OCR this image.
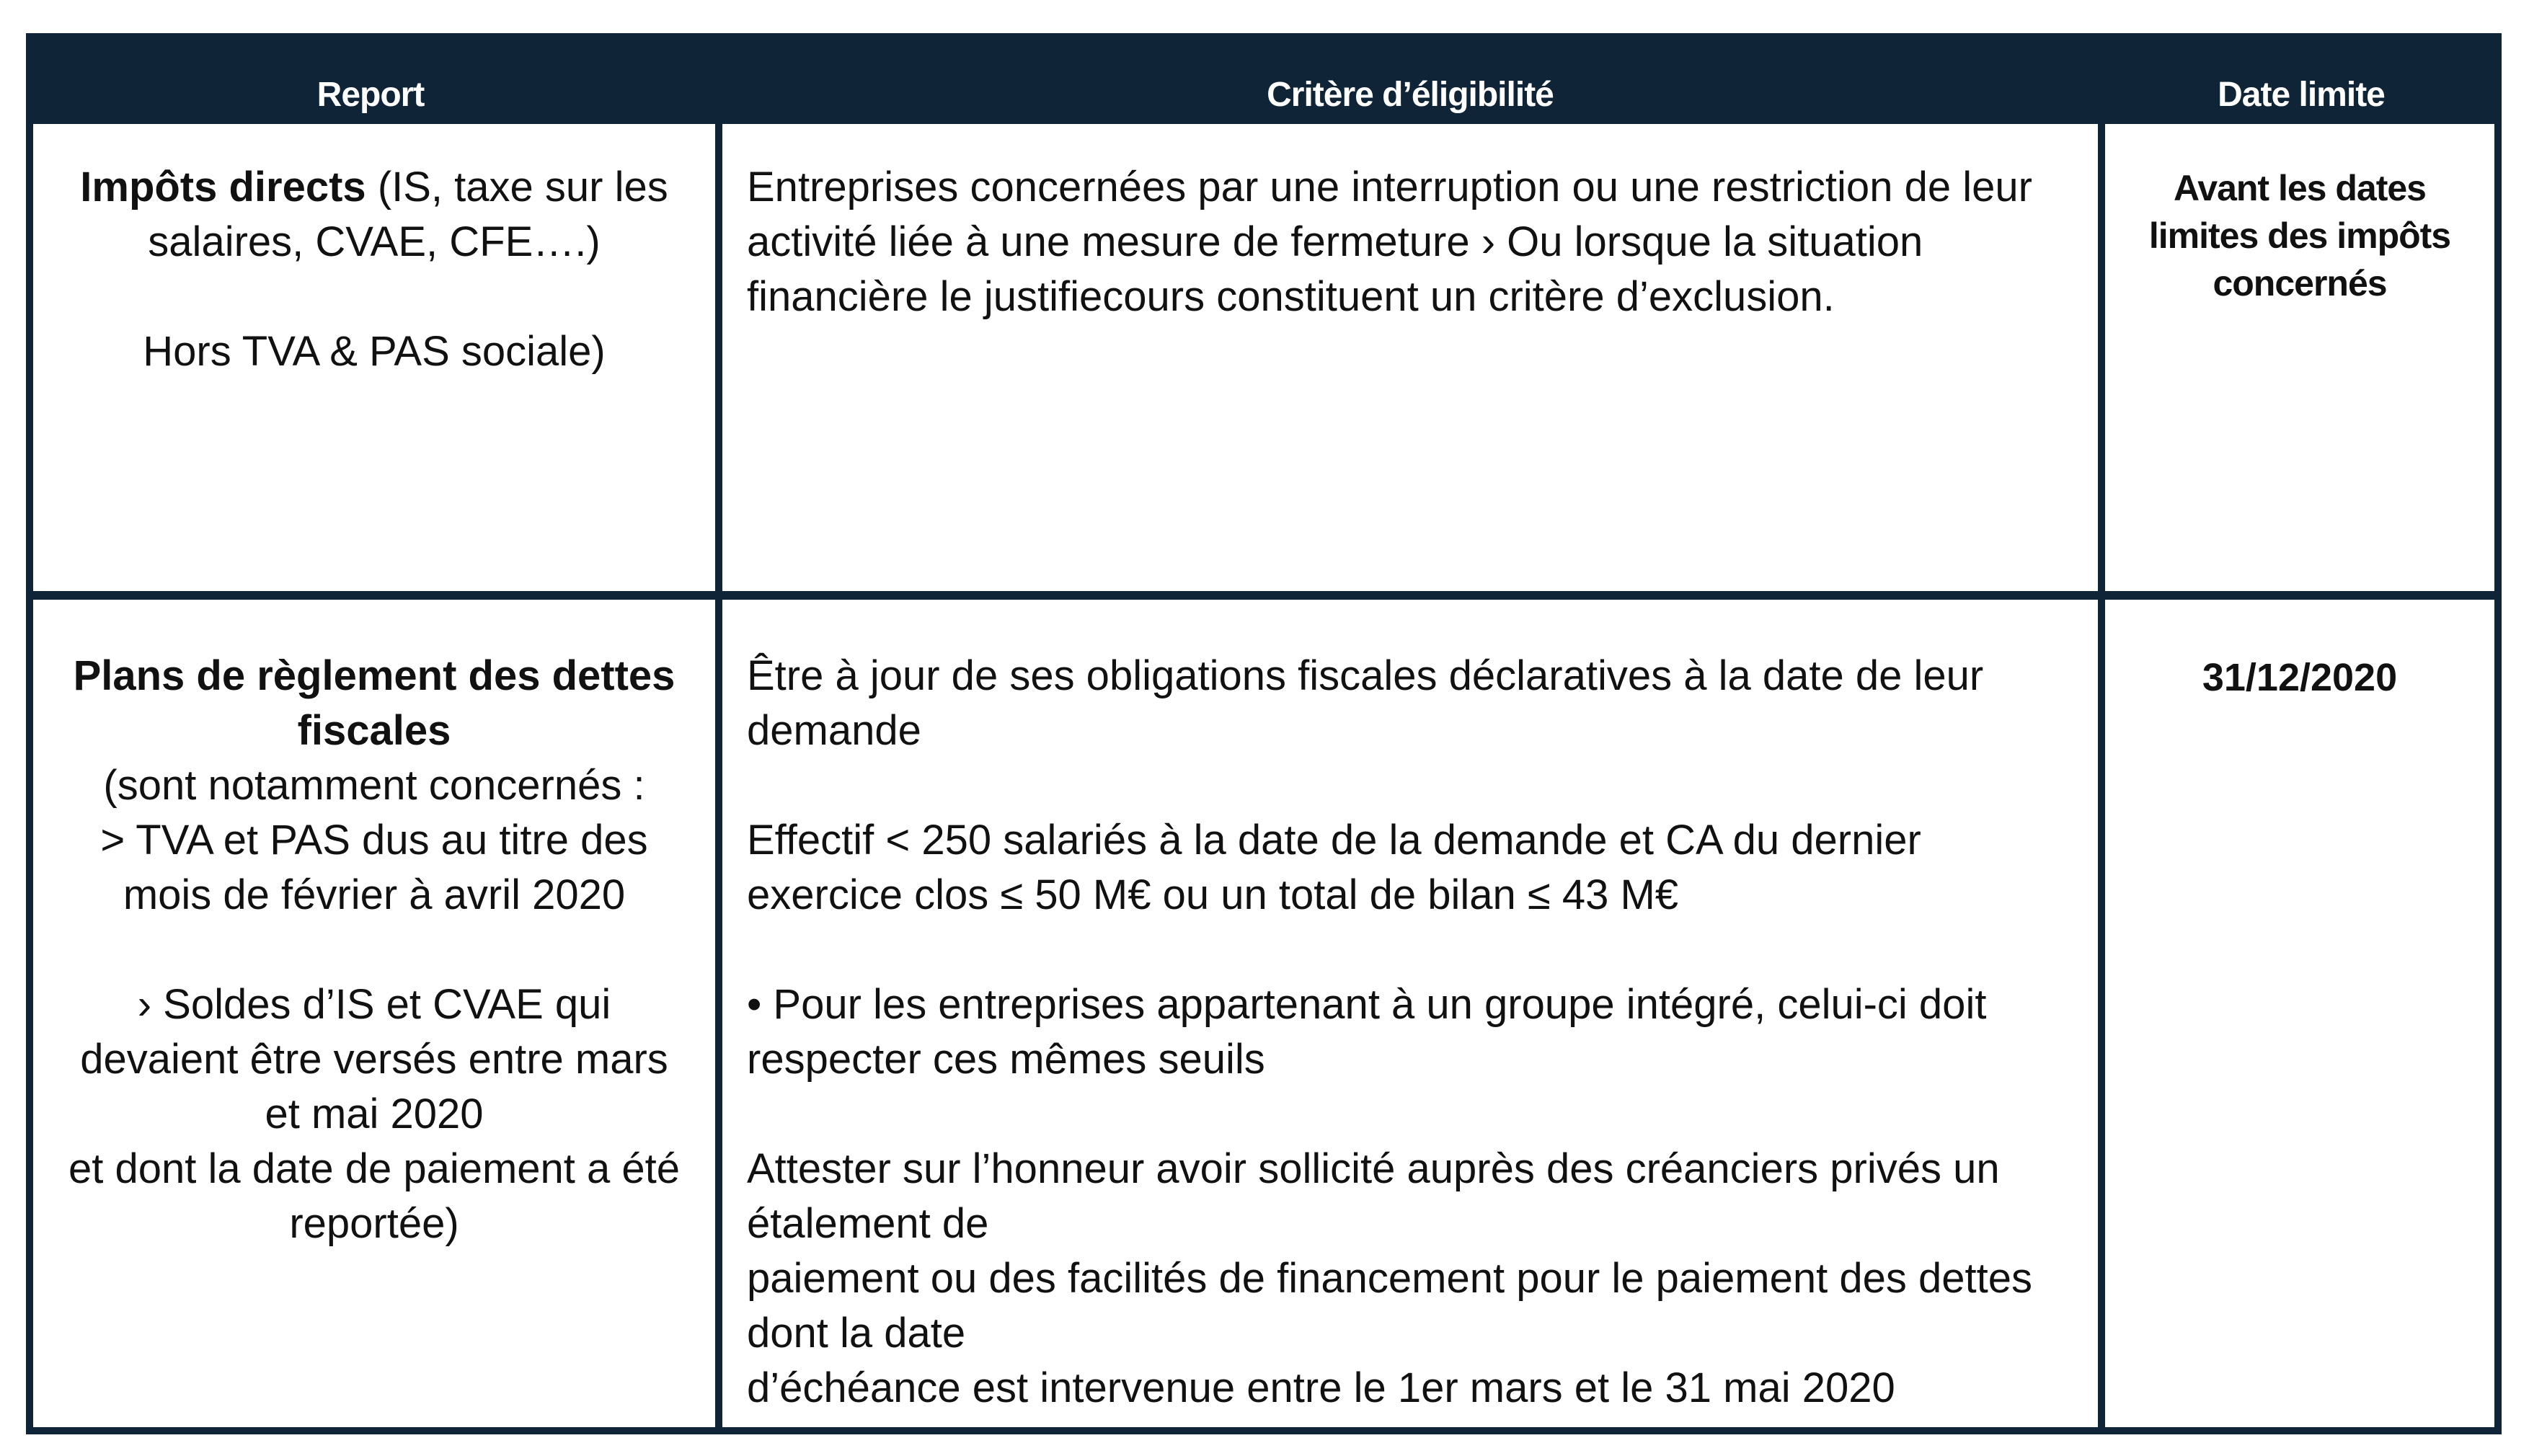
Report	Critère d’éligibilité	Date limite

Impôts directs (IS, taxe sur les salaires, CVAE, CFE….)

Hors TVA & PAS sociale)

Entreprises concernées par une interruption ou une restriction de leur activité liée à une mesure de fermeture › Ou lorsque la situation financière le justifiecours constituent un critère d’exclusion.

Avant les dates limites des impôts concernés

Plans de règlement des dettes fiscales

(sont notamment concernés :

> TVA et PAS dus au titre des mois de février à avril 2020

› Soldes d’IS et CVAE qui devaient être versés entre mars et mai 2020

et dont la date de paiement a été reportée)

Être à jour de ses obligations fiscales déclaratives à la date de leur demande

Effectif < 250 salariés à la date de la demande et CA du dernier exercice clos ≤ 50 M€ ou un total de bilan ≤ 43 M€

• Pour les entreprises appartenant à un groupe intégré, celui-ci doit respecter ces mêmes seuils

Attester sur l’honneur avoir sollicité auprès des créanciers privés un étalement de

paiement ou des facilités de financement pour le paiement des dettes dont la date

d’échéance est intervenue entre le 1er mars et le 31 mai 2020

31/12/2020
